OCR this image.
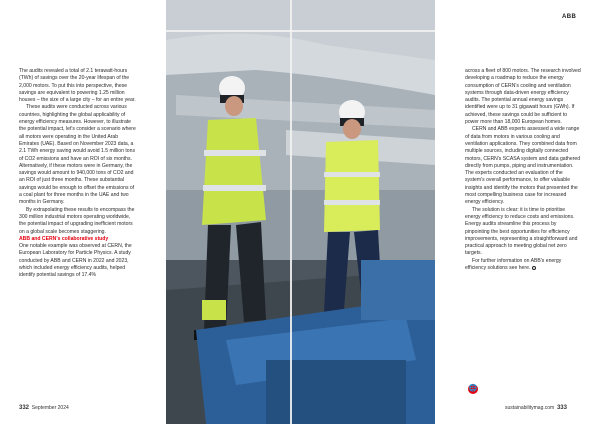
The audits revealed a total of 2.1 terawatt-hours (TWh) of savings over the 20-year lifespan of the 2,000 motors. To put this into perspective, these savings are equivalent to powering 1.25 million houses – the size of a large city – for an entire year.

These audits were conducted across various countries, highlighting the global applicability of energy efficiency measures. However, to illustrate the potential impact, let's consider a scenario where all motors were operating in the United Arab Emirates (UAE). Based on November 2023 data, a 2.1 TWh energy saving would avoid 1.5 million tons of CO2 emissions and have an ROI of six months. Alternatively, if these motors were in Germany, the savings would amount to 940,000 tons of CO2 and an ROI of just three months. These substantial savings would be enough to offset the emissions of a coal plant for three months in the UAE and two months in Germany.

By extrapolating these results to encompass the 300 million industrial motors operating worldwide, the potential impact of upgrading inefficient motors on a global scale becomes staggering.

ABB and CERN's collaborative study

One notable example was observed at CERN, the European Laboratory for Particle Physics. A study conducted by ABB and CERN in 2022 and 2023, which included energy efficiency audits, helped identify potential savings of 17.4%

ABB

across a fleet of 800 motors. The research involved developing a roadmap to reduce the energy consumption of CERN's cooling and ventilation systems through data-driven energy efficiency audits. The potential annual energy savings identified were up to 31 gigawatt hours (GWh). If achieved, these savings could be sufficient to power more than 18,000 European homes.

CERN and ABB experts assessed a wide range of data from motors in various cooling and ventilation applications. They combined data from multiple sources, including digitally connected motors, CERN's SCASA system and data gathered directly from pumps, piping and instrumentation. The experts conducted an evaluation of the system's overall performance, to offer valuable insights and identify the motors that presented the most compelling business case for increased energy efficiency.

The solution is clear: it is time to prioritise energy efficiency to reduce costs and emissions. Energy audits streamline this process by pinpointing the best opportunities for efficiency improvements, representing a straightforward and practical approach to meeting global net zero targets.

For further information on ABB's energy efficiency solutions see here.

🌐
332 September 2024	sustainabilitymag.com 333
